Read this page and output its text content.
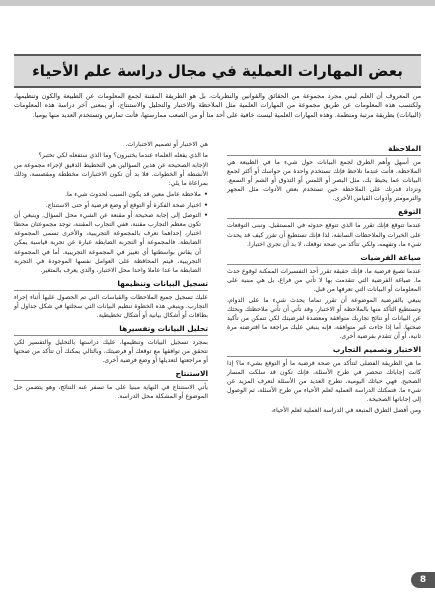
بعض المهارات العملية في مجال دراسة علم الأحياء

من المعروف أن العلم ليس مجرد مجموعة من الحقائق والقوانين والنظريات، بل هو الطريقة المقننة لجمع المعلومات عن الطبيعة والكون وتنظيمها، ولكتسب هذه المعلومات عن طريق مجموعة من المهارات العلمية مثل الملاحظة والاختبار والتحليل والاستنتاج، أو بمعنى آخر دراسة هذه المعلومات (البيانات) بطريقة مرتبة ومنظمة. وهذه المهارات العلمية ليست خافية على أحد منا أو من الصعب ممارستها، فأنت تمارس وتستخدم العديد منها يوميا.

الملاحظة

من أسهل وأهم الطرق لجمع البيانات حول شيء ما في الطبيعة هي الملاحظة. فأنت عندما تلاحظ فإنك تستخدم واحدة من حواسك أو أكثر لجمع البيانات عما يحيط بك، مثل البصر أو اللمس أو التذوق أو الشم أو السمع. وتزداد قدرتك على الملاحظة حين تستخدم بعض الأدوات مثل المجهر والترمومتر وأدوات القياس الأخرى.

التوقع

عندما تتوقع فإنك تقرر ما الذي تتوقع حدوثه في المستقبل. وتبنى التوقعات على الخبرات والملاحظات السابقة، لذا فإنك تستطيع أن تقرر كيف قد يحدث شيء ما، وتفهمه، ولكي تتأكد من صحة توقعك، لا بد أن تجري اختبارا.

صياغة الفرضيات

عندما تصيغ فرضية ما، فإنك حقيقة تقرر أحد التفسيرات الممكنة لوقوع حدث ما. صياغة الفرضية التي تتقدمت بها لا تأتي من فراغ، بل هي مبنية على المعلومات أو البيانات التي تعرفها من قبل.

ينبغي بالفرضية الموضوعة أن تقرر تماما يحدث شيء ما على الدوام، وتستطيع التأكد منها بالملاحظة أو الاختبار. وقد تأتي أن تأتي ملاحظتك وبحثك عن البيانات أو نتائج تجاربك متوافقة ومعضدة لفرضيتك لكي تتمكن من تأكيد صحتها. أما إذا جاءت غير متوافقة، فإنه ينبغي عليك مراجعة ما افترضته مرة ثانية، أو أن تتقدم بفرضية أخرى.

الاختبار وتصميم التجارب

ما هي الطريقة الفضلى لتتأكد من صحة فرضية ما أو التوقع بشيء ما؟ إذا كانت إجاباتك تنحصر في طرح الأسئلة، فإنك تكون قد سلكت المسار الصحيح. فهي حياتك اليومية، تطرح العديد من الأسئلة لتعرف المزيد عن شيء ما. فتمكنك الدراسة العملية لعلم الأحياء من طرح الأسئلة، ثم الوصول إلى إجاباتها الصحيحة.

ومن أفضل الطرق المتبعة في الدراسة العملية لعلم الأحياء،

هي الاختبار أو تصميم الاختبارات.

ما الذي يفعله العلماء عندما يختبرون؟ وما الذي ستفعله لكي تختبر؟

الإجابة الصحيحة عن هذين السؤالين هي التخطيط الدقيق لإجراء مجموعة من الأنشطة أو الخطوات. فلا بد أن تكون الاختبارات مخططة ومقصسة، وذلك بمراعاة ما يلي:

• ملاحظة عامل معين قد يكون السبب لحدوث شيء ما.
• اختيار صحة الفكرة أو التوقع أو وضع فرضية أو حتى الاستنتاج.
• التوصل إلى إجابة صحيحة أو مقنعة عن الشيء محل السؤال. وينبغي أن تكون معظم التجارب مقننة، ففي التجارب المقننة، توجد مجموعتان محطا اختبار، إحداهما تعرف بالمجموعة التجريبية، والأخرى تسمى المجموعة الضابطة. فالمجموعة أو التجربة الضابطة عبارة عن تجربة قياسية يمكن أن يقاس بواسطتها أي تغيير في المجموعة التجريبية. أما في المجموعة التجريبية، فيتم المحافظة على العوامل نفسها الموجودة في التجربة الضابطة ما عدا عاملا واحدا محل الاختبار، والذي يعرف بالمتغير.
تسجيل البيانات وتنظيمها

عليك تسجيل جميع الملاحظات والقياسات التي تم الحصول عليها أثناء إجراء التجارب. وينبغي هذه الخطوة تنظيم البيانات التي سجلتها في شكل جداول أو بطاقات أو أشكال بيانية أو أشكال تخطيطية.

تحليل البيانات وتفسيرها

بمجرد تسجيل البيانات وتنظيمها، عليك دراستها بالتحليل والتفسير لكي تتحقق من توافقها مع توقعك أو فرضيتك، وبالتالي يمكنك أن تتأكد من صحتها أو مراجعتها لتعديلها أو وضع فرضية أخرى.

الاستنتاج

يأتي الاستنتاج في النهاية مبنيا على ما تسفر عنه النتائج، وهو يتضمن حل الموضوع أو المشكلة محل الدراسة.

8
